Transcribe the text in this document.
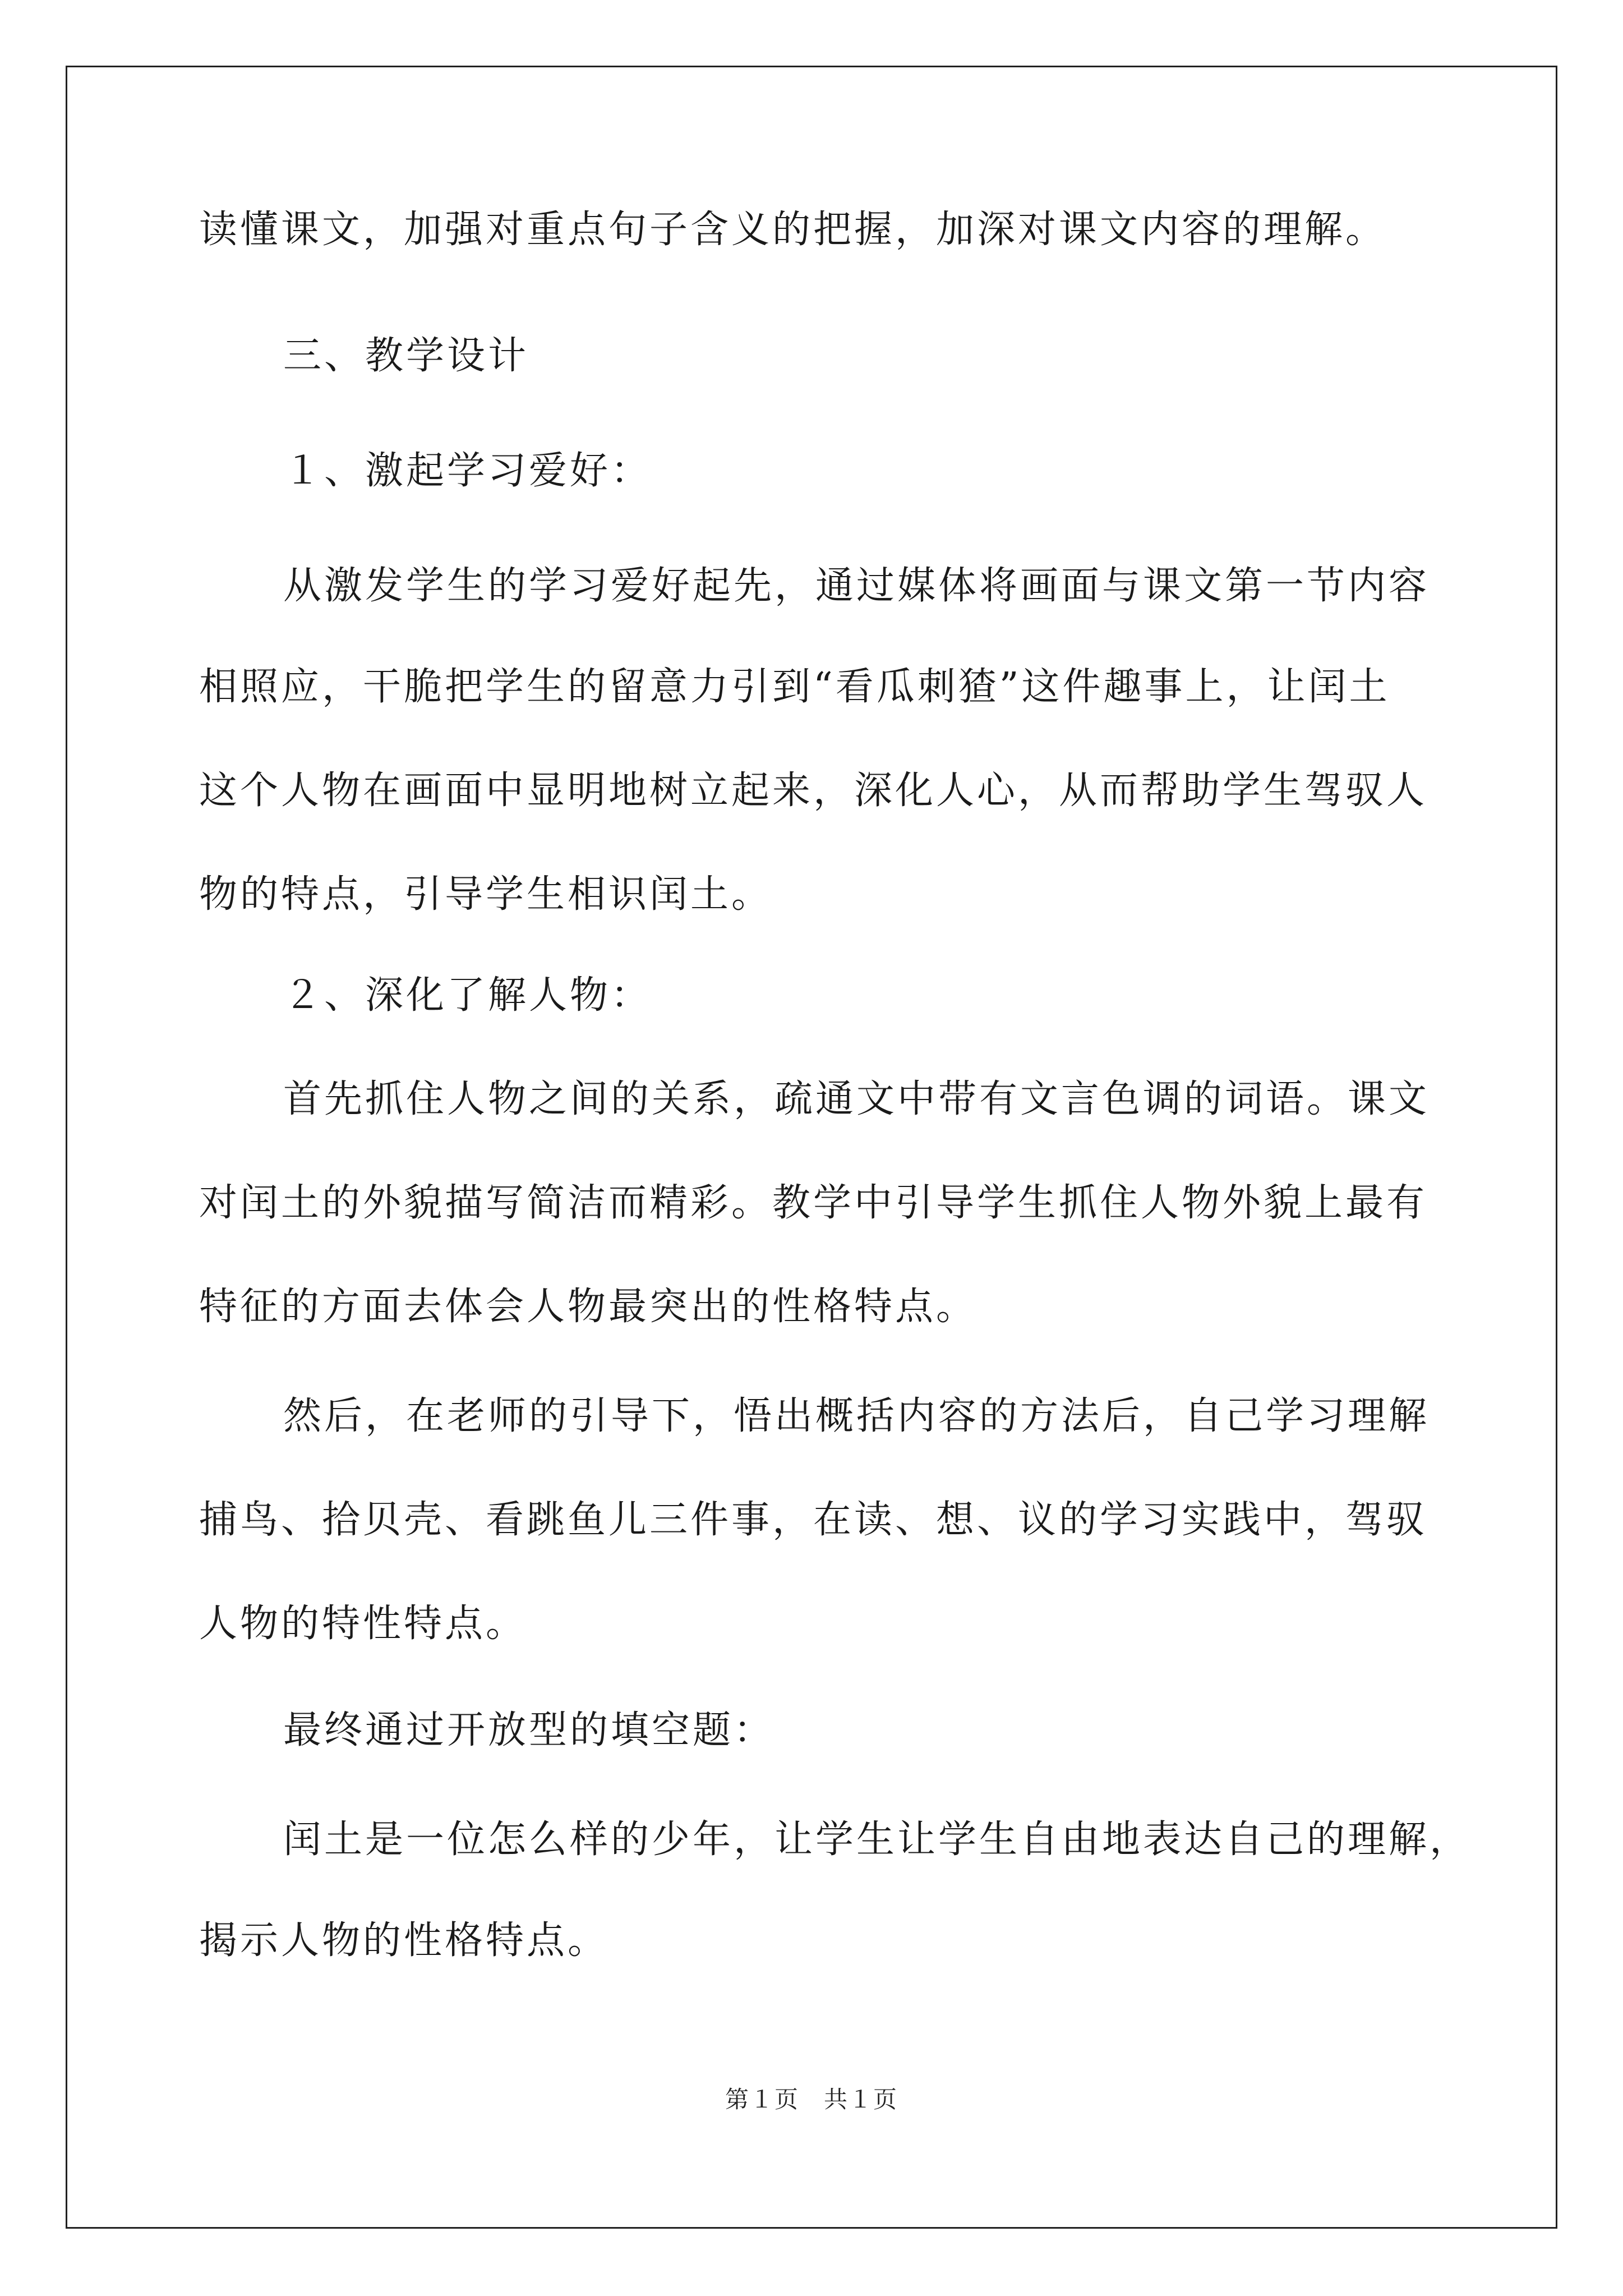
读懂课文，加强对重点句子含义的把握，加深对课文内容的理解。
三、教学设计
１、激起学习爱好：
从激发学生的学习爱好起先，通过媒体将画面与课文第一节内容
相照应，干脆把学生的留意力引到“看瓜刺猹”这件趣事上，让闰土
这个人物在画面中显明地树立起来，深化人心，从而帮助学生驾驭人
物的特点，引导学生相识闰土。
２、深化了解人物：
首先抓住人物之间的关系，疏通文中带有文言色调的词语。课文
对闰土的外貌描写简洁而精彩。教学中引导学生抓住人物外貌上最有
特征的方面去体会人物最突出的性格特点。
然后，在老师的引导下，悟出概括内容的方法后，自己学习理解
捕鸟、拾贝壳、看跳鱼儿三件事，在读、想、议的学习实践中，驾驭
人物的特性特点。
最终通过开放型的填空题：
闰土是一位怎么样的少年，让学生让学生自由地表达自己的理解，
揭示人物的性格特点。
第１页　共１页
